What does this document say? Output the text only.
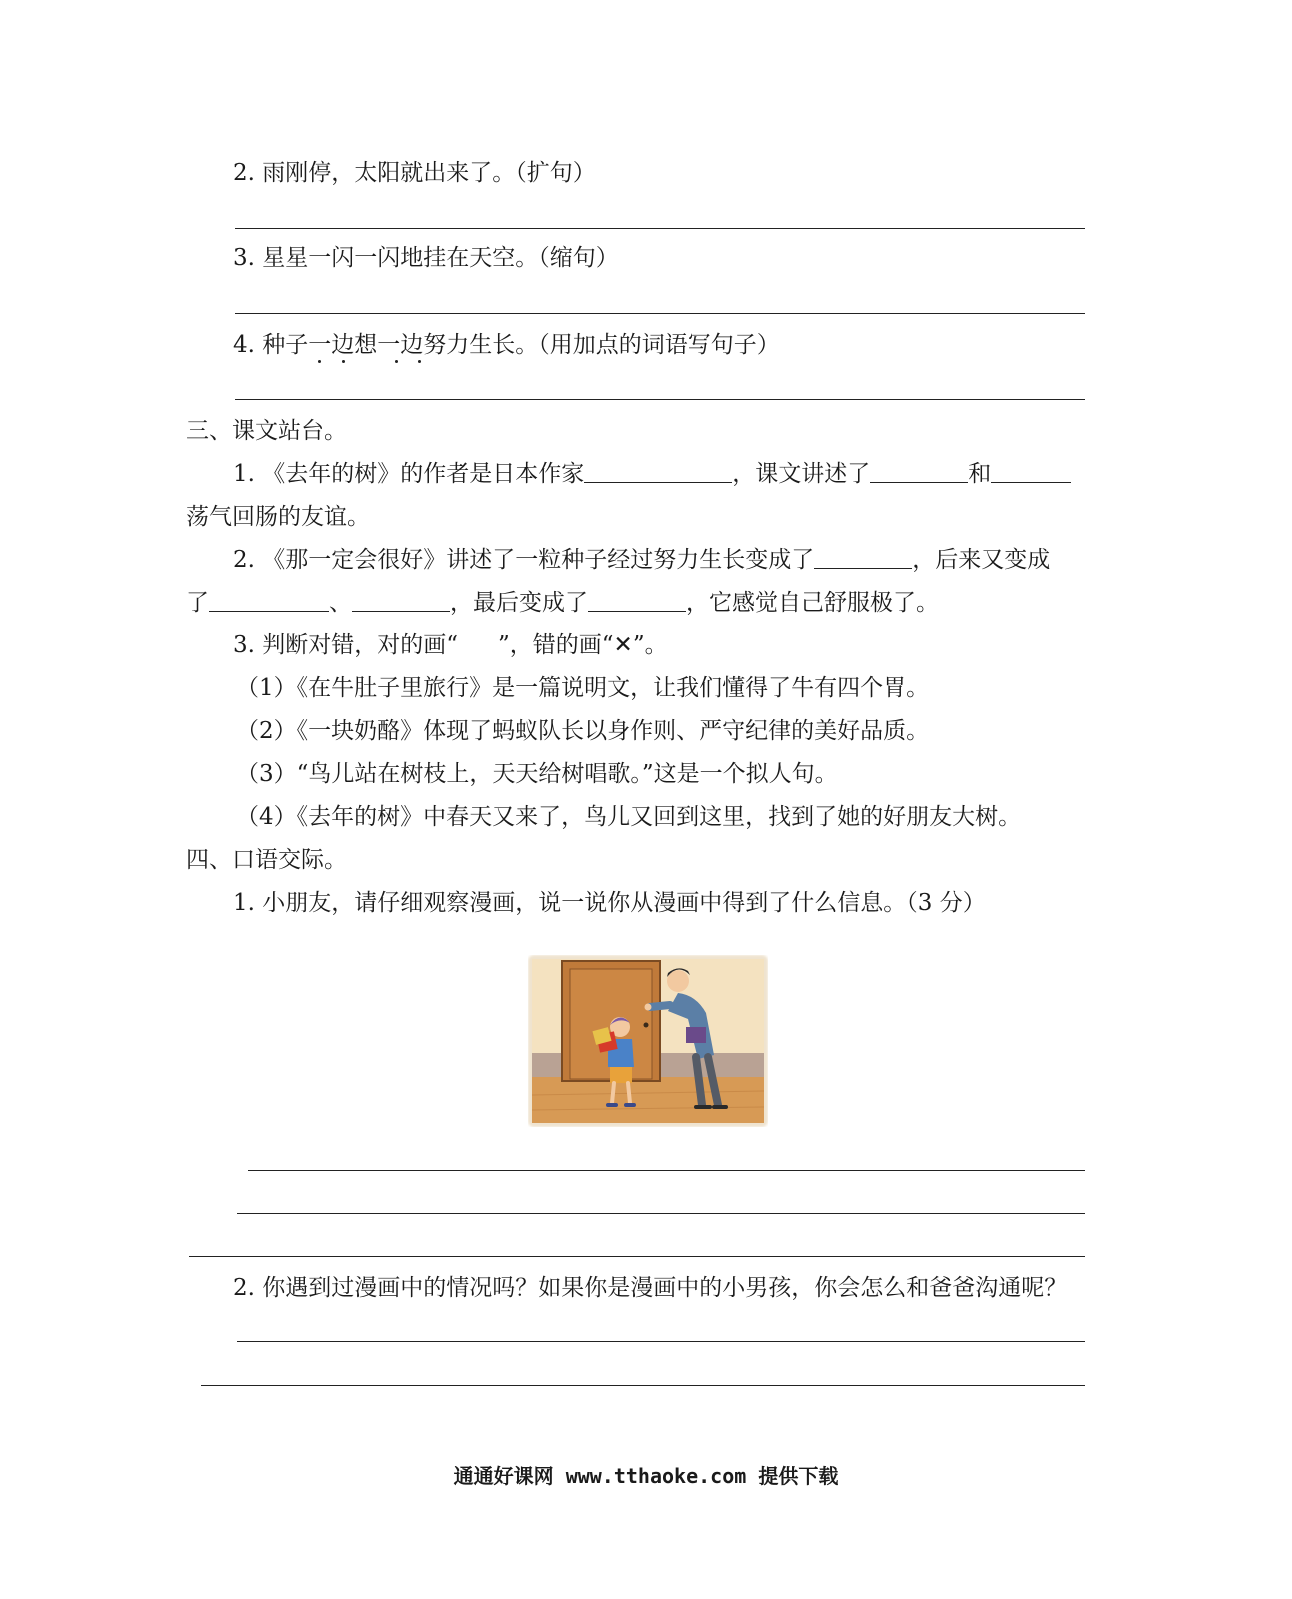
2. 雨刚停，太阳就出来了。（扩句）
3. 星星一闪一闪地挂在天空。（缩句）
4. 种子一边想一边努力生长。（用加点的词语写句子）
三、课文站台。
1. 《去年的树》的作者是日本作家	，课文讲述了	和
荡气回肠的友谊。
2. 《那一定会很好》讲述了一粒种子经过努力生长变成了	，后来又变成
了	、	，最后变成了	，它感觉自己舒服极了。
3. 判断对错，对的画“ ”，错的画“✕”。
（1）《在牛肚子里旅行》是一篇说明文，让我们懂得了牛有四个胃。
（2）《一块奶酪》体现了蚂蚁队长以身作则、严守纪律的美好品质。
（3）“鸟儿站在树枝上，天天给树唱歌。”这是一个拟人句。
（4）《去年的树》中春天又来了，鸟儿又回到这里，找到了她的好朋友大树。
四、口语交际。
1. 小朋友，请仔细观察漫画，说一说你从漫画中得到了什么信息。（3 分）
2. 你遇到过漫画中的情况吗？如果你是漫画中的小男孩，你会怎么和爸爸沟通呢？
通通好课网 www.tthaoke.com 提供下载
